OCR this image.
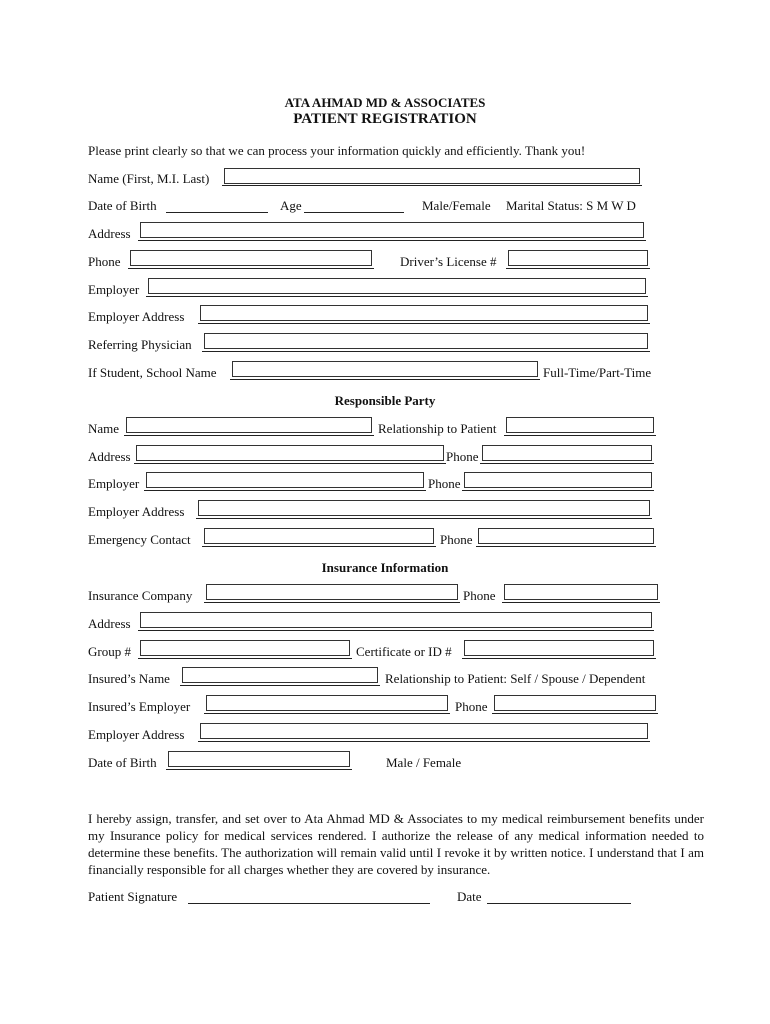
ATA AHMAD MD & ASSOCIATES
PATIENT REGISTRATION
Please print clearly so that we can process your information quickly and efficiently. Thank you!
Name (First, M.I. Last)
Date of Birth	Age	Male/Female Marital Status: S M W D
Address
Phone	Driver’s License #
Employer
Employer Address
Referring Physician
If Student, School Name	Full-Time/Part-Time
Responsible Party
Name	Relationship to Patient
Address	Phone
Employer	Phone
Employer Address
Emergency Contact	Phone
Insurance Information
Insurance Company	Phone
Address
Group #	Certificate or ID #
Insured’s Name	Relationship to Patient: Self / Spouse / Dependent
Insured’s Employer	Phone
Employer Address
Date of Birth	Male / Female
I hereby assign, transfer, and set over to Ata Ahmad MD & Associates to my medical reimbursement benefits under my Insurance policy for medical services rendered. I authorize the release of any medical information needed to determine these benefits. The authorization will remain valid until I revoke it by written notice. I understand that I am financially responsible for all charges whether they are covered by insurance.
Patient Signature	Date
